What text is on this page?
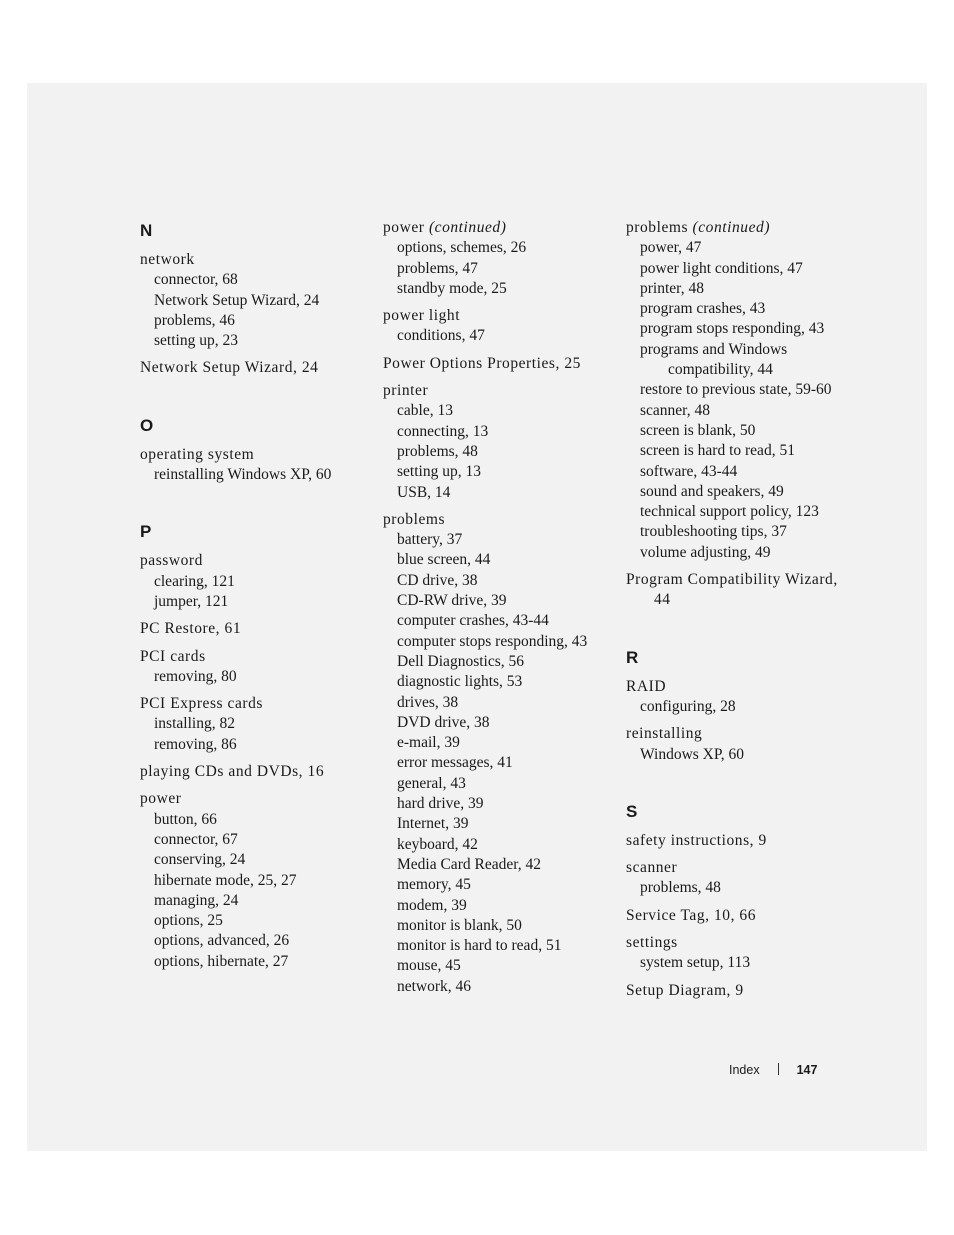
N
network
connector, 68
Network Setup Wizard, 24
problems, 46
setting up, 23
Network Setup Wizard, 24
O
operating system
reinstalling Windows XP, 60
P
password
clearing, 121
jumper, 121
PC Restore, 61
PCI cards
removing, 80
PCI Express cards
installing, 82
removing, 86
playing CDs and DVDs, 16
power
button, 66
connector, 67
conserving, 24
hibernate mode, 25, 27
managing, 24
options, 25
options, advanced, 26
options, hibernate, 27
power (continued)
options, schemes, 26
problems, 47
standby mode, 25
power light
conditions, 47
Power Options Properties, 25
printer
cable, 13
connecting, 13
problems, 48
setting up, 13
USB, 14
problems
battery, 37
blue screen, 44
CD drive, 38
CD-RW drive, 39
computer crashes, 43-44
computer stops responding, 43
Dell Diagnostics, 56
diagnostic lights, 53
drives, 38
DVD drive, 38
e-mail, 39
error messages, 41
general, 43
hard drive, 39
Internet, 39
keyboard, 42
Media Card Reader, 42
memory, 45
modem, 39
monitor is blank, 50
monitor is hard to read, 51
mouse, 45
network, 46
problems (continued)
power, 47
power light conditions, 47
printer, 48
program crashes, 43
program stops responding, 43
programs and Windows compatibility, 44
restore to previous state, 59-60
scanner, 48
screen is blank, 50
screen is hard to read, 51
software, 43-44
sound and speakers, 49
technical support policy, 123
troubleshooting tips, 37
volume adjusting, 49
Program Compatibility Wizard, 44
R
RAID
configuring, 28
reinstalling
Windows XP, 60
S
safety instructions, 9
scanner
problems, 48
Service Tag, 10, 66
settings
system setup, 113
Setup Diagram, 9
Index	147
